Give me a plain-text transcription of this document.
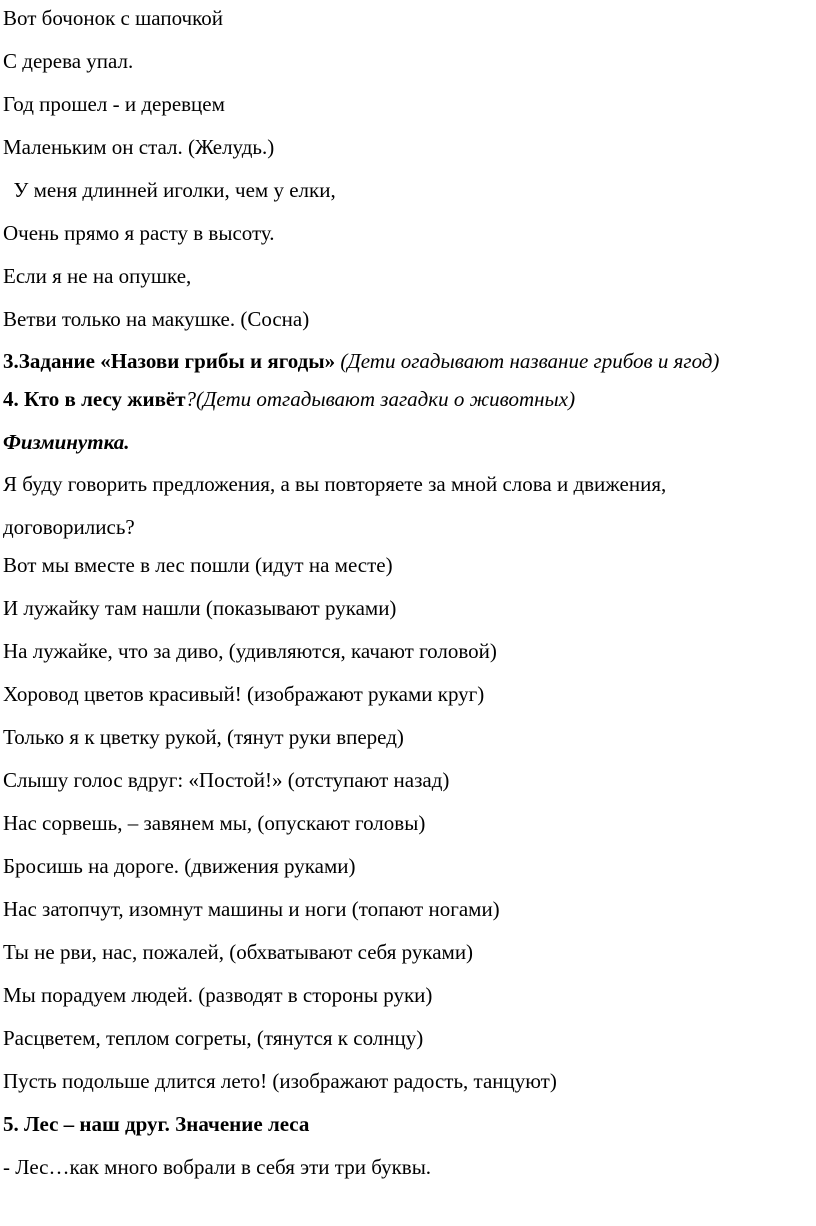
Вот бочонок с шапочкой

С дерева упал.

Год прошел - и деревцем

Маленьким он стал. (Желудь.)

У меня длинней иголки, чем у елки,

Очень прямо я расту в высоту.

Если я не на опушке,

Ветви только на макушке. (Сосна)

3.Задание «Назови грибы и ягоды» (Дети огадывают название грибов и ягод)

4. Кто в лесу живёт?(Дети отгадывают загадки о животных)

Физминутка.

Я буду говорить предложения, а вы повторяете за мной слова и движения, договорились?

Вот мы вместе в лес пошли (идут на месте)

И лужайку там нашли (показывают руками)

На лужайке, что за диво, (удивляются, качают головой)

Хоровод цветов красивый! (изображают руками круг)

Только я к цветку рукой, (тянут руки вперед)

Слышу голос вдруг: «Постой!» (отступают назад)

Нас сорвешь, – завянем мы, (опускают головы)

Бросишь на дороге. (движения руками)

Нас затопчут, изомнут машины и ноги (топают ногами)

Ты не рви, нас, пожалей, (обхватывают себя руками)

Мы порадуем людей. (разводят в стороны руки)

Расцветем, теплом согреты, (тянутся к солнцу)

Пусть подольше длится лето! (изображают радость, танцуют)

5. Лес – наш друг. Значение леса

- Лес…как много вобрали в себя эти три буквы.
